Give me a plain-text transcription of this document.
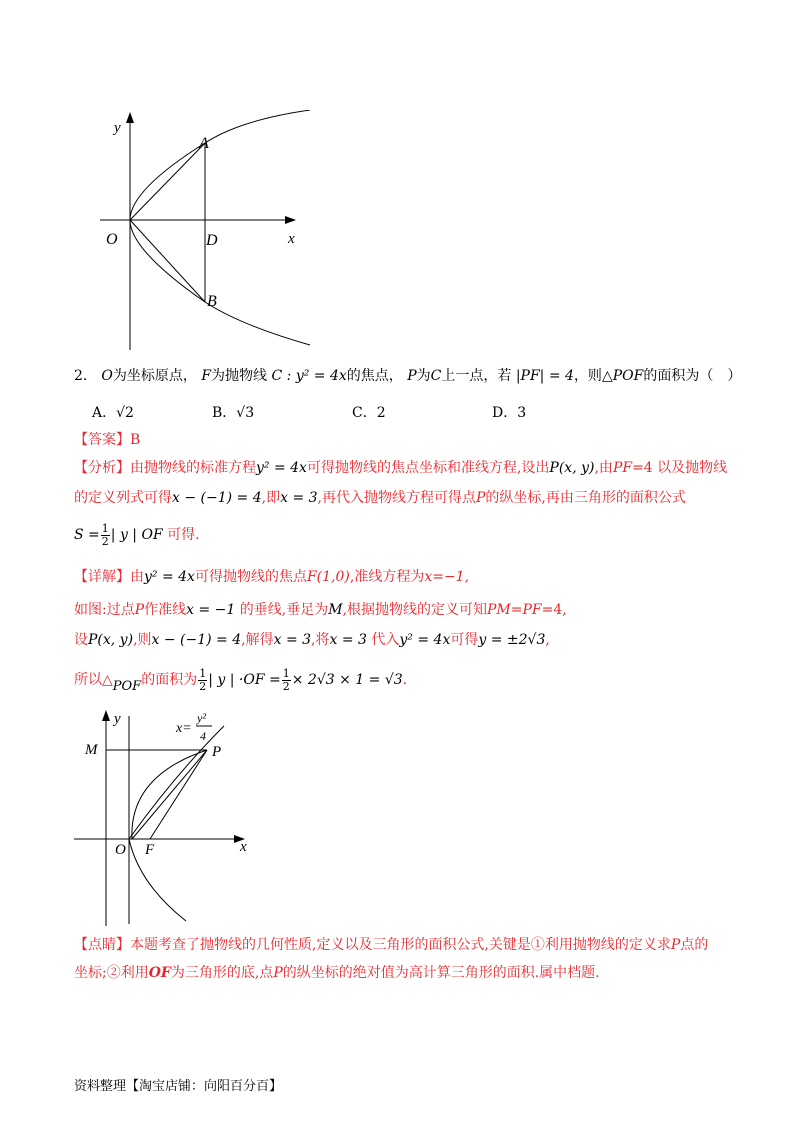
y
x
O
A
D
B
2． O为坐标原点， F为抛物线 C : y² = 4x的焦点， P为C上一点，若 |PF| = 4，则△POF的面积为（　）
A．√2	B．√3	C．2	D．3
【答案】B
【分析】由抛物线的标准方程y² = 4x可得抛物线的焦点坐标和准线方程,设出P(x, y),由PF=4 以及抛物线
的定义列式可得x − (−1) = 4,即x = 3,再代入抛物线方程可得点P的纵坐标,再由三角形的面积公式
$S = \frac{1}{2}$ | y | OF 可得.
【详解】由y² = 4x可得抛物线的焦点F(1,0),准线方程为x=−1,
如图:过点P作准线x = −1 的垂线,垂足为M,根据抛物线的定义可知PM=PF=4,
设P(x, y),则x − (−1) = 4,解得x = 3,将x = 3 代入y² = 4x可得y = ±2√3,
所以△POF的面积为 $\frac{1}{2}$ | y | $\cdot OF = \frac{1}{2} \times 2√3 \times 1 = √3$.
y
M
x=
y²
4
P
O F	x
【点睛】本题考查了抛物线的几何性质,定义以及三角形的面积公式,关键是①利用抛物线的定义求P点的
坐标;②利用OF为三角形的底,点P的纵坐标的绝对值为高计算三角形的面积.属中档题.
资料整理【淘宝店铺：向阳百分百】
